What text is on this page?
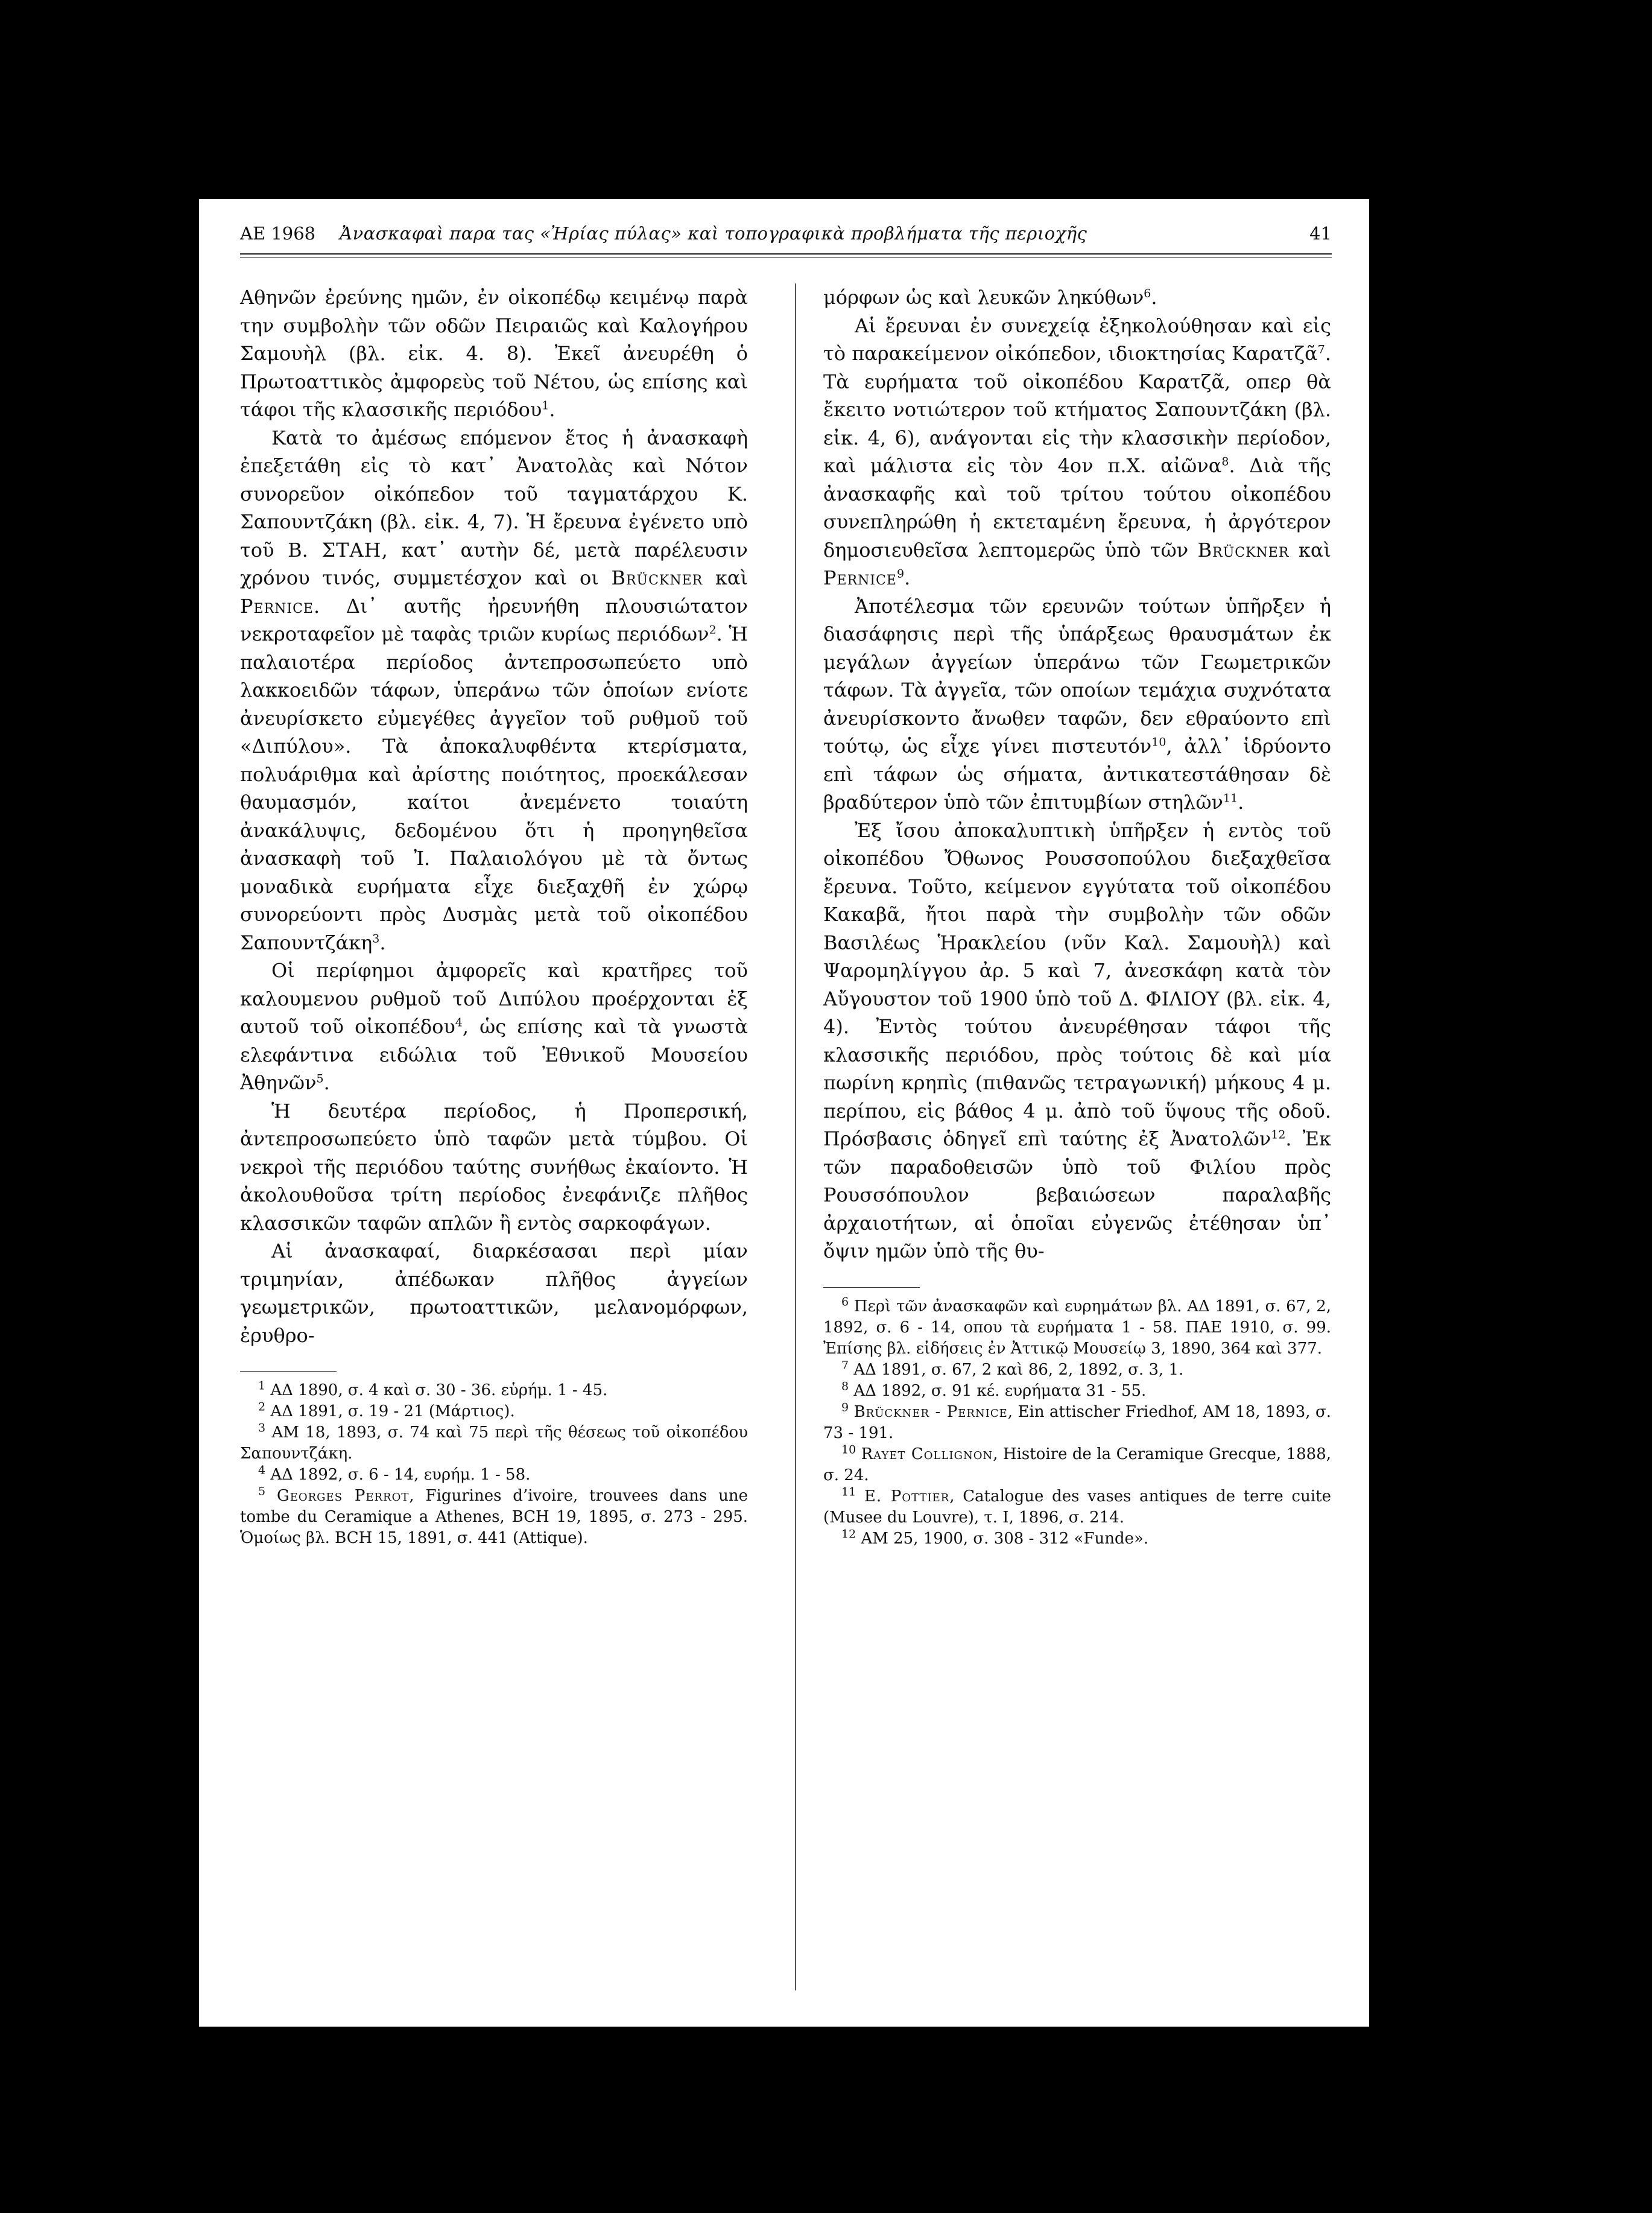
ΑΕ 1968 Ἀνασκαφαὶ παρα τας «Ἠρίας πύλας» καὶ τοπογραφικὰ προβλήματα τῆς περιοχῆς	41

Αθηνῶν ἐρεύνης ημῶν, ἐν οἰκοπέδῳ κειμένῳ παρὰ την συμβολὴν τῶν οδῶν Πειραιῶς καὶ Καλογήρου Σαμουὴλ (βλ. εἰκ. 4. 8). Ἐκεῖ ἀνευρέθη ὁ Πρωτοαττικὸς ἀμφορεὺς τοῦ Νέτου, ὡς επίσης καὶ τάφοι τῆς κλασσικῆς περιόδου$^1$.

Κατὰ το ἀμέσως επόμενον ἔτος ἡ ἀνασκαφὴ ἐπεξετάθη εἰς τὸ κατ᾽ Ἀνατολὰς καὶ Νότον συνορεῦον οἰκόπεδον τοῦ ταγματάρχου Κ. Σαπουντζάκη (βλ. εἰκ. 4, 7). Ἡ ἔρευνα ἐγένετο υπὸ τοῦ Β. ΣΤΑΗ, κατ᾽ αυτὴν δέ, μετὰ παρέλευσιν χρόνου τινός, συμμετέσχον καὶ οι Brückner καὶ Pernice. Δι᾽ αυτῆς ἠρευνήθη πλουσιώτατον νεκροταφεῖον μὲ ταφὰς τριῶν κυρίως περιόδων$^2$. Ἡ παλαιοτέρα περίοδος ἀντεπροσωπεύετο υπὸ λακκοειδῶν τάφων, ὑπεράνω τῶν ὁποίων ενίοτε ἀνευρίσκετο εὐμεγέθες ἀγγεῖον τοῦ ρυθμοῦ τοῦ «Διπύλου». Τὰ ἀποκαλυφθέντα κτερίσματα, πολυάριθμα καὶ ἀρίστης ποιότητος, προεκάλεσαν θαυμασμόν, καίτοι ἀνεμένετο τοιαύτη ἀνακάλυψις, δεδομένου ὅτι ἡ προηγηθεῖσα ἀνασκαφὴ τοῦ Ἰ. Παλαιολόγου μὲ τὰ ὄντως μοναδικὰ ευρήματα εἶχε διεξαχθῆ ἐν χώρῳ συνορεύοντι πρὸς Δυσμὰς μετὰ τοῦ οἰκοπέδου Σαπουντζάκη$^3$.

Οἱ περίφημοι ἀμφορεῖς καὶ κρατῆρες τοῦ καλουμενου ρυθμοῦ τοῦ Διπύλου προέρχονται ἐξ αυτοῦ τοῦ οἰκοπέδου$^4$, ὡς επίσης καὶ τὰ γνωστὰ ελεφάντινα ειδώλια τοῦ Ἐθνικοῦ Μουσείου Ἀθηνῶν$^5$.

Ἡ δευτέρα περίοδος, ἡ Προπερσική, ἀντεπροσωπεύετο ὑπὸ ταφῶν μετὰ τύμβου. Οἱ νεκροὶ τῆς περιόδου ταύτης συνήθως ἐκαίοντο. Ἡ ἀκολουθοῦσα τρίτη περίοδος ἐνεφάνιζε πλῆθος κλασσικῶν ταφῶν απλῶν ἢ εντὸς σαρκοφάγων.

Αἱ ἀνασκαφαί, διαρκέσασαι περὶ μίαν τριμηνίαν, ἀπέδωκαν πλῆθος ἀγγείων γεωμετρικῶν, πρωτοαττικῶν, μελανομόρφων, ἐρυθρο-

$^1$ ΑΔ 1890, σ. 4 καὶ σ. 30 - 36. εὑρήμ. 1 - 45.

$^2$ ΑΔ 1891, σ. 19 - 21 (Μάρτιος).

$^3$ ΑΜ 18, 1893, σ. 74 καὶ 75 περὶ τῆς θέσεως τοῦ οἰκοπέδου Σαπουντζάκη.

$^4$ ΑΔ 1892, σ. 6 - 14, ευρήμ. 1 - 58.

$^5$ Georges Perrot, Figurines d’ivoire, trouvees dans une tombe du Ceramique a Athenes, BCH 19, 1895, σ. 273 - 295. Ὁμοίως βλ. BCH 15, 1891, σ. 441 (Attique).

μόρφων ὡς καὶ λευκῶν ληκύθων$^6$.

Αἱ ἔρευναι ἐν συνεχείᾳ ἐξηκολούθησαν καὶ εἰς τὸ παρακείμενον οἰκόπεδον, ιδιοκτησίας Καρατζᾶ$^7$. Τὰ ευρήματα τοῦ οἰκοπέδου Καρατζᾶ, οπερ θὰ ἔκειτο νοτιώτερον τοῦ κτήματος Σαπουντζάκη (βλ. εἰκ. 4, 6), ανάγονται εἰς τὴν κλασσικὴν περίοδον, καὶ μάλιστα εἰς τὸν 4ον π.Χ. αἰῶνα$^8$. Διὰ τῆς ἀνασκαφῆς καὶ τοῦ τρίτου τούτου οἰκοπέδου συνεπληρώθη ἡ εκτεταμένη ἔρευνα, ἡ ἀργότερον δημοσιευθεῖσα λεπτομερῶς ὑπὸ τῶν Brückner καὶ Pernice$^9$.

Ἀποτέλεσμα τῶν ερευνῶν τούτων ὑπῆρξεν ἡ διασάφησις περὶ τῆς ὑπάρξεως θραυσμάτων ἐκ μεγάλων ἀγγείων ὑπεράνω τῶν Γεωμετρικῶν τάφων. Τὰ ἀγγεῖα, τῶν οποίων τεμάχια συχνότατα ἀνευρίσκοντο ἄνωθεν ταφῶν, δεν εθραύοντο επὶ τούτῳ, ὡς εἶχε γίνει πιστευτόν$^{10}$, ἀλλ᾽ ἱδρύοντο επὶ τάφων ὡς σήματα, ἀντικατεστάθησαν δὲ βραδύτερον ὑπὸ τῶν ἐπιτυμβίων στηλῶν$^{11}$.

Ἐξ ἴσου ἀποκαλυπτικὴ ὑπῆρξεν ἡ εντὸς τοῦ οἰκοπέδου Ὄθωνος Ρουσσοπούλου διεξαχθεῖσα ἔρευνα. Τοῦτο, κείμενον εγγύτατα τοῦ οἰκοπέδου Κακαβᾶ, ἤτοι παρὰ τὴν συμβολὴν τῶν οδῶν Βασιλέως Ἡρακλείου (νῦν Καλ. Σαμουὴλ) καὶ Ψαρομηλίγγου ἀρ. 5 καὶ 7, ἀνεσκάφη κατὰ τὸν Αὔγουστον τοῦ 1900 ὑπὸ τοῦ Δ. ΦΙΛΙΟΥ (βλ. εἰκ. 4, 4). Ἐντὸς τούτου ἀνευρέθησαν τάφοι τῆς κλασσικῆς περιόδου, πρὸς τούτοις δὲ καὶ μία πωρίνη κρηπὶς (πιθανῶς τετραγωνική) μήκους 4 μ. περίπου, εἰς βάθος 4 μ. ἀπὸ τοῦ ὕψους τῆς οδοῦ. Πρόσβασις ὁδηγεῖ επὶ ταύτης ἐξ Ἀνατολῶν$^{12}$. Ἐκ τῶν παραδοθεισῶν ὑπὸ τοῦ Φιλίου πρὸς Ρουσσόπουλον βεβαιώσεων παραλαβῆς ἀρχαιοτήτων, αἱ ὁποῖαι εὐγενῶς ἐτέθησαν ὑπ᾽ ὄψιν ημῶν ὑπὸ τῆς θυ-

$^6$ Περὶ τῶν ἀνασκαφῶν καὶ ευρημάτων βλ. ΑΔ 1891, σ. 67, 2, 1892, σ. 6 - 14, οπου τὰ ευρήματα 1 - 58. ΠΑΕ 1910, σ. 99. Ἐπίσης βλ. εἰδήσεις ἐν Ἀττικῷ Μουσείῳ 3, 1890, 364 καὶ 377.

$^7$ ΑΔ 1891, σ. 67, 2 καὶ 86, 2, 1892, σ. 3, 1.

$^8$ ΑΔ 1892, σ. 91 κέ. ευρήματα 31 - 55.

$^9$ Brückner - Pernice, Ein attischer Friedhof, AM 18, 1893, σ. 73 - 191.

$^{10}$ Rayet Collignon, Histoire de la Ceramique Grecque, 1888, σ. 24.

$^{11}$ E. Pottier, Catalogue des vases antiques de terre cuite (Musee du Louvre), τ. I, 1896, σ. 214.

$^{12}$ AM 25, 1900, σ. 308 - 312 «Funde».
